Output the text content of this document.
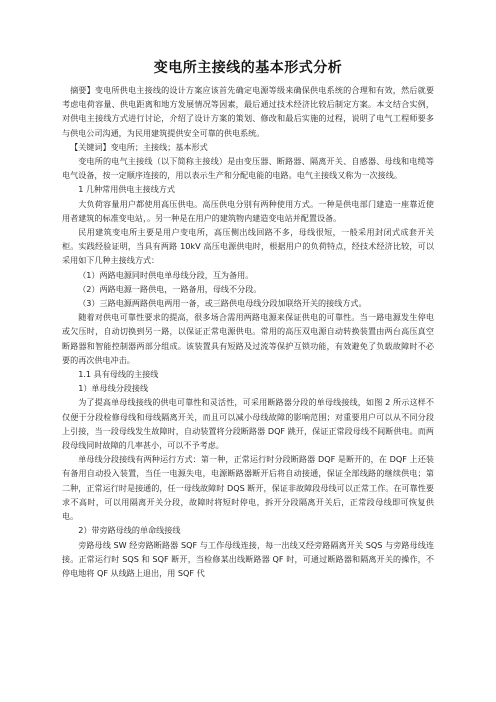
变电所主接线的基本形式分析

摘要】变电所供电主接线的设计方案应该首先确定电源等级来确保供电系统的合理和有效，然后就要考虑电荷容量、供电距离和地方发展情况等因素，最后通过技术经济比较后制定方案。本文结合实例，对供电主接线方式进行讨论，介绍了设计方案的策划、修改和最后实施的过程，说明了电气工程师要多与供电公司沟通，为民用建筑提供安全可靠的供电系统。

【关键词】变电所；主接线；基本形式

变电所的电气主接线（以下简称主接线）是由变压器、断路器、隔离开关、自感器、母线和电缆等电气设备，按一定顺序连接的，用以表示生产和分配电能的电路。电气主接线又称为一次接线。

1 几种常用供电主接线方式

大负荷容量用户都使用高压供电。高压供电分别有两种使用方式。一种是供电部门建造一座靠近使用者建筑的标准变电站，。另一种是在用户的建筑物内建造变电站并配置设备。

民用建筑变电所主要是用户变电所，高压侧出线回路不多，母线很短，一般采用封闭式成套开关柜。实践经验证明，当具有两路 10kV 高压电源供电时，根据用户的负荷特点，经技术经济比较，可以采用如下几种主接线方式：

（1）两路电源同时供电单母线分段，互为备用。

（2）两路电源一路供电，一路备用，母线不分段。

（3）三路电源两路供电两用一备，或三路供电母线分段加联络开关的接线方式。

随着对供电可靠性要求的提高，很多场合需用两路电源来保证供电的可靠性。当一路电源发生停电或欠压时，自动切换到另一路，以保证正常电源供电。常用的高压双电源自动转换装置由两台高压真空断路器和智能控制器两部分组成。该装置具有短路及过流等保护互锁功能，有效避免了负载故障时不必要的再次供电冲击。

1.1 具有母线的主接线

1）单母线分段接线

为了提高单母线接线的供电可靠性和灵活性，可采用断路器分段的单母线接线，如图 2 所示这样不仅便于分段检修母线和母线隔离开关，而且可以减小母线故障的影响范围；对重要用户可以从不同分段上引接，当一段母线发生故障时，自动装置将分段断路器 DQF 跳开，保证正常段母线不间断供电。而两段母线同时故障的几率甚小，可以不予考虑。

单母线分段接线有两种运行方式：第一种，正常运行时分段断路器 DQF 是断开的，在 DQF 上还装有备用自动投入装置，当任一电源失电，电源断路器断开后将自动接通，保证全部线路的继续供电；第二种，正常运行时是接通的，任一母线故障时 DQS 断开，保证非故障段母线可以正常工作。在可靠性要求不高时，可以用隔离开关分段，故障时将短时停电，拆开分段隔离开关后，正常段母线即可恢复供电。

2）带旁路母线的单命线接线

旁路母线 SW 经旁路断路器 SQF 与工作母线连接，每一出线又经旁路隔离开关 SQS 与旁路母线连接。正常运行时 SQS 和 SQF 断开，当检修某出线断路器 QF 时，可通过断路器和隔离开关的操作，不停电地将 QF 从线路上退出，用 SQF 代
